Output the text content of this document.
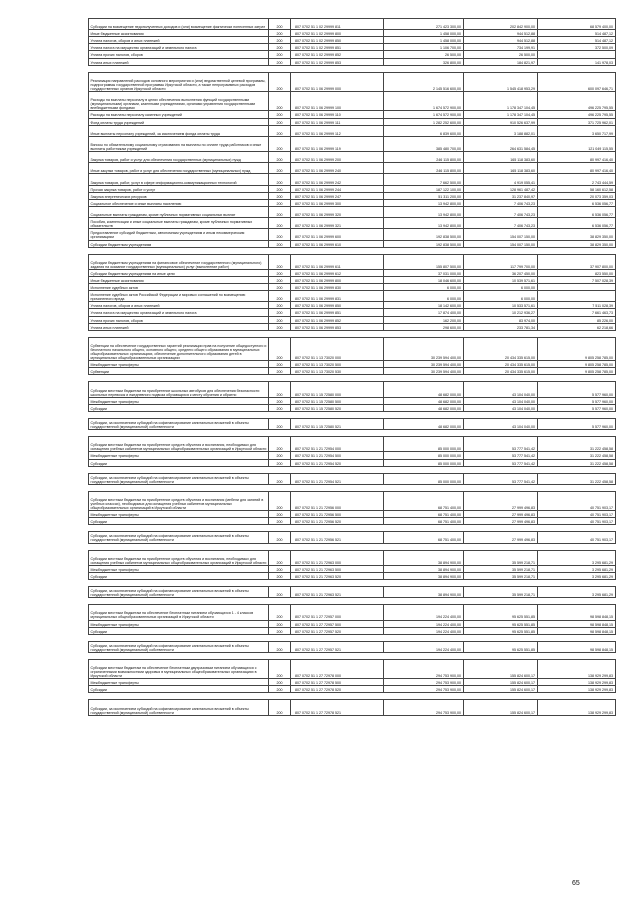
Субсидии на возмещение недополученных доходов и (или) возмещение фактически понесенных затрат	200	807 0702 51 1 02 29999 811	271 423 300,00	202 842 900,00	68 579 400,00
Иные бюджетные ассигнования	200	807 0702 51 1 02 29999 800	1 458 000,00	944 512,88	514 487,12
Уплата налогов, сборов и иных платежей	200	807 0702 51 1 02 29999 850	1 458 000,00	944 512,88	514 487,12
Уплата налога на имущество организаций и земельного налога	200	807 0702 51 1 02 29999 851	1 106 700,00	734 199,91	372 500,09
Уплата прочих налогов, сборов	200	807 0702 51 1 02 29999 852	26 500,00	26 500,00	
Уплата иных платежей	200	807 0702 51 1 02 29999 853	326 800,00	184 821,97	141 978,03

Реализация направлений расходов основного мероприятия и (или) ведомственной целевой программы, подпрограммы государственной программы Иркутской области, а также непрограммных расходов государственных органов Иркутской области	200	807 0702 51 1 06 29999 000	2 145 516 600,00	1 545 418 953,29	600 097 646,71
Расходы на выплаты персоналу в целях обеспечения выполнения функций государственными (муниципальными) органами, казенными учреждениями, органами управления государственными внебюджетными фондами	200	807 0702 51 1 06 29999 100	1 674 572 900,00	1 178 347 104,45	496 225 795,55
Расходы на выплаты персоналу казенных учреждений	200	807 0702 51 1 06 29999 110	1 674 572 900,00	1 178 347 104,45	496 225 795,55
Фонд оплаты труда учреждений	200	807 0702 51 1 06 29999 111	1 282 252 600,00	910 526 637,99	371 725 962,01
Иные выплаты персоналу учреждений, за исключением фонда оплаты труда	200	807 0702 51 1 06 29999 112	6 839 600,00	3 188 882,01	3 650 717,99
Взносы по обязательному социальному страхованию на выплаты по оплате труда работников и иные выплаты работникам учреждений	200	807 0702 51 1 06 29999 119	385 480 700,00	264 631 584,45	121 049 115,55
Закупка товаров, работ и услуг для обеспечения государственных (муниципальных) нужд	200	807 0702 51 1 06 29999 200	246 115 800,00	165 118 383,60	80 997 416,40
Иные закупки товаров, работ и услуг для обеспечения государственных (муниципальных) нужд	200	807 0702 51 1 06 29999 240	246 115 800,00	165 118 383,60	80 997 416,40
Закупка товаров, работ, услуг в сфере информационно-коммуникационных технологий	200	807 0702 51 1 06 29999 242	7 662 500,00	4 919 055,41	2 743 444,59
Прочая закупка товаров, работ и услуг	200	807 0702 51 1 06 29999 244	187 122 100,00	128 961 487,42	58 160 612,58
Закупка энергетических ресурсов	200	807 0702 51 1 06 29999 247	51 311 200,00	31 237 840,97	20 073 359,03
Социальное обеспечение и иные выплаты населению	200	807 0702 51 1 06 29999 300	13 942 800,00	7 406 743,23	6 536 056,77
Социальные выплаты гражданам, кроме публичных нормативных социальных выплат	200	807 0702 51 1 06 29999 320	13 942 800,00	7 406 743,23	6 536 056,77
Пособия, компенсации и иные социальные выплаты гражданам, кроме публичных нормативных обязательств	200	807 0702 51 1 06 29999 321	13 942 800,00	7 406 743,23	6 536 056,77
Предоставление субсидий бюджетным, автономным учреждениям и иным некоммерческим организациям	200	807 0702 51 1 06 29999 600	192 838 500,00	154 007 150,00	38 829 350,00
Субсидии бюджетным учреждениям	200	807 0702 51 1 06 29999 610	192 838 500,00	154 007 150,00	38 829 350,00

Субсидии бюджетным учреждениям на финансовое обеспечение государственного (муниципального) задания на оказание государственных (муниципальных) услуг (выполнение работ)	200	807 0702 51 1 06 29999 611	155 807 500,00	117 799 700,00	37 907 800,00
Субсидии бюджетным учреждениям на иные цели	200	807 0702 51 1 06 29999 612	37 031 000,00	36 207 450,00	823 550,00
Иные бюджетные ассигнования	200	807 0702 51 1 06 29999 800	18 046 600,00	10 539 571,61	7 507 028,39
Исполнение судебных актов	200	807 0702 51 1 06 29999 830	6 000,00	6 000,00	
Исполнение судебных актов Российской Федерации и мировых соглашений по возмещению причиненного вреда	200	807 0702 51 1 06 29999 831	6 000,00	6 000,00	
Уплата налогов, сборов и иных платежей	200	807 0702 51 1 06 29999 850	18 142 600,00	10 533 571,61	7 511 028,39
Уплата налога на имущество организаций и земельного налога	200	807 0702 51 1 06 29999 851	17 874 400,00	10 212 936,27	7 661 463,73
Уплата прочих налогов, сборов	200	807 0702 51 1 06 29999 852	162 200,00	83 974,00	85 226,00
Уплата иных платежей	200	807 0702 51 1 06 29999 853	298 600,00	233 781,34	62 218,66

Субвенции на обеспечение государственных гарантий реализации прав на получение общедоступного и бесплатного начального общего, основного общего, среднего общего образования в муниципальных общеобразовательных организациях, обеспечение дополнительного образования детей в муниципальных общеобразовательных организациях	200	807 0702 51 1 13 73020 000	30 239 594 400,00	20 434 335 615,00	9 805 258 785,00
Межбюджетные трансферты	200	807 0702 51 1 13 73020 500	30 239 594 400,00	20 434 335 615,00	9 805 258 785,00
Субвенции	200	807 0702 51 1 13 73020 530	30 239 594 400,00	20 434 335 615,00	9 805 258 785,00

Субсидии местным бюджетам на приобретение школьных автобусов для обеспечения безопасности школьных перевозок и ежедневного подвоза обучающихся к месту обучения и обратно	200	807 0702 51 1 15 72580 000	48 682 000,00	43 104 040,00	5 577 960,00
Межбюджетные трансферты	200	807 0702 51 1 15 72580 500	48 682 000,00	43 104 040,00	5 577 960,00
Субсидии	200	807 0702 51 1 15 72580 520	48 682 000,00	43 104 040,00	5 577 960,00

Субсидии, за исключением субсидий на софинансирование капитальных вложений в объекты государственной (муниципальной) собственности	200	807 0702 51 1 15 72580 521	48 682 000,00	43 104 040,00	5 577 960,00

Субсидии местным бюджетам на приобретение средств обучения и воспитания, необходимых для оснащения учебных кабинетов муниципальных общеобразовательных организаций в Иркутской области	200	807 0702 51 1 21 72954 000	85 000 000,00	53 777 541,42	31 222 458,58
Межбюджетные трансферты	200	807 0702 51 1 21 72954 500	85 000 000,00	53 777 541,42	31 222 458,58
Субсидии	200	807 0702 51 1 21 72954 520	85 000 000,00	53 777 541,42	31 222 458,58

Субсидии, за исключением субсидий на софинансирование капитальных вложений в объекты государственной (муниципальной) собственности	200	807 0702 51 1 21 72954 521	85 000 000,00	53 777 541,42	31 222 458,58

Субсидии местным бюджетам на приобретение средств обучения и воспитания (мебели для занятий в учебных классах), необходимых для оснащения учебных кабинетов муниципальных общеобразовательных организаций в Иркутской области	200	807 0702 51 1 21 72956 000	68 751 400,00	27 999 496,83	40 751 903,17
Межбюджетные трансферты	200	807 0702 51 1 21 72956 500	68 751 400,00	27 999 496,83	40 751 903,17
Субсидии	200	807 0702 51 1 21 72956 520	68 751 400,00	27 999 496,83	40 751 903,17

Субсидии, за исключением субсидий на софинансирование капитальных вложений в объекты государственной (муниципальной) собственности	200	807 0702 51 1 21 72956 521	68 751 400,00	27 999 496,83	40 751 903,17

Субсидии местным бюджетам на приобретение средств обучения и воспитания, необходимых для оснащения учебных кабинетов муниципальных общеобразовательных организаций в Иркутской области	200	807 0702 51 1 21 72963 000	38 894 900,00	35 599 218,71	3 295 681,29
Межбюджетные трансферты	200	807 0702 51 1 21 72963 500	38 894 900,00	35 599 218,71	3 295 681,29
Субсидии	200	807 0702 51 1 21 72963 520	38 894 900,00	35 599 218,71	3 295 681,29

Субсидии, за исключением субсидий на софинансирование капитальных вложений в объекты государственной (муниципальной) собственности	200	807 0702 51 1 21 72963 521	38 894 900,00	35 599 218,71	3 295 681,29

Субсидии местным бюджетам на обеспечение бесплатным питанием обучающихся 1 - 4 классов муниципальных общеобразовательных организаций в Иркутской области	200	807 0702 51 1 27 72957 000	194 224 400,00	95 625 551,85	98 598 848,15
Межбюджетные трансферты	200	807 0702 51 1 27 72957 500	194 224 400,00	95 625 551,85	98 598 848,15
Субсидии	200	807 0702 51 1 27 72957 520	194 224 400,00	95 625 551,85	98 598 848,15

Субсидии, за исключением субсидий на софинансирование капитальных вложений в объекты государственной (муниципальной) собственности	200	807 0702 51 1 27 72957 521	194 224 400,00	95 625 551,85	98 598 848,15

Субсидии местным бюджетам на обеспечение бесплатным двухразовым питанием обучающихся с ограниченными возможностями здоровья в муниципальных общеобразовательных организациях в Иркутской области	200	807 0702 51 1 27 72978 000	294 753 900,00	155 824 600,17	138 929 299,83
Межбюджетные трансферты	200	807 0702 51 1 27 72978 500	294 753 900,00	155 824 600,17	138 929 299,83
Субсидии	200	807 0702 51 1 27 72978 520	294 753 900,00	155 824 600,17	138 929 299,83

Субсидии, за исключением субсидий на софинансирование капитальных вложений в объекты государственной (муниципальной) собственности	200	807 0702 51 1 27 72978 521	294 753 900,00	155 824 600,17	138 929 299,83
65
